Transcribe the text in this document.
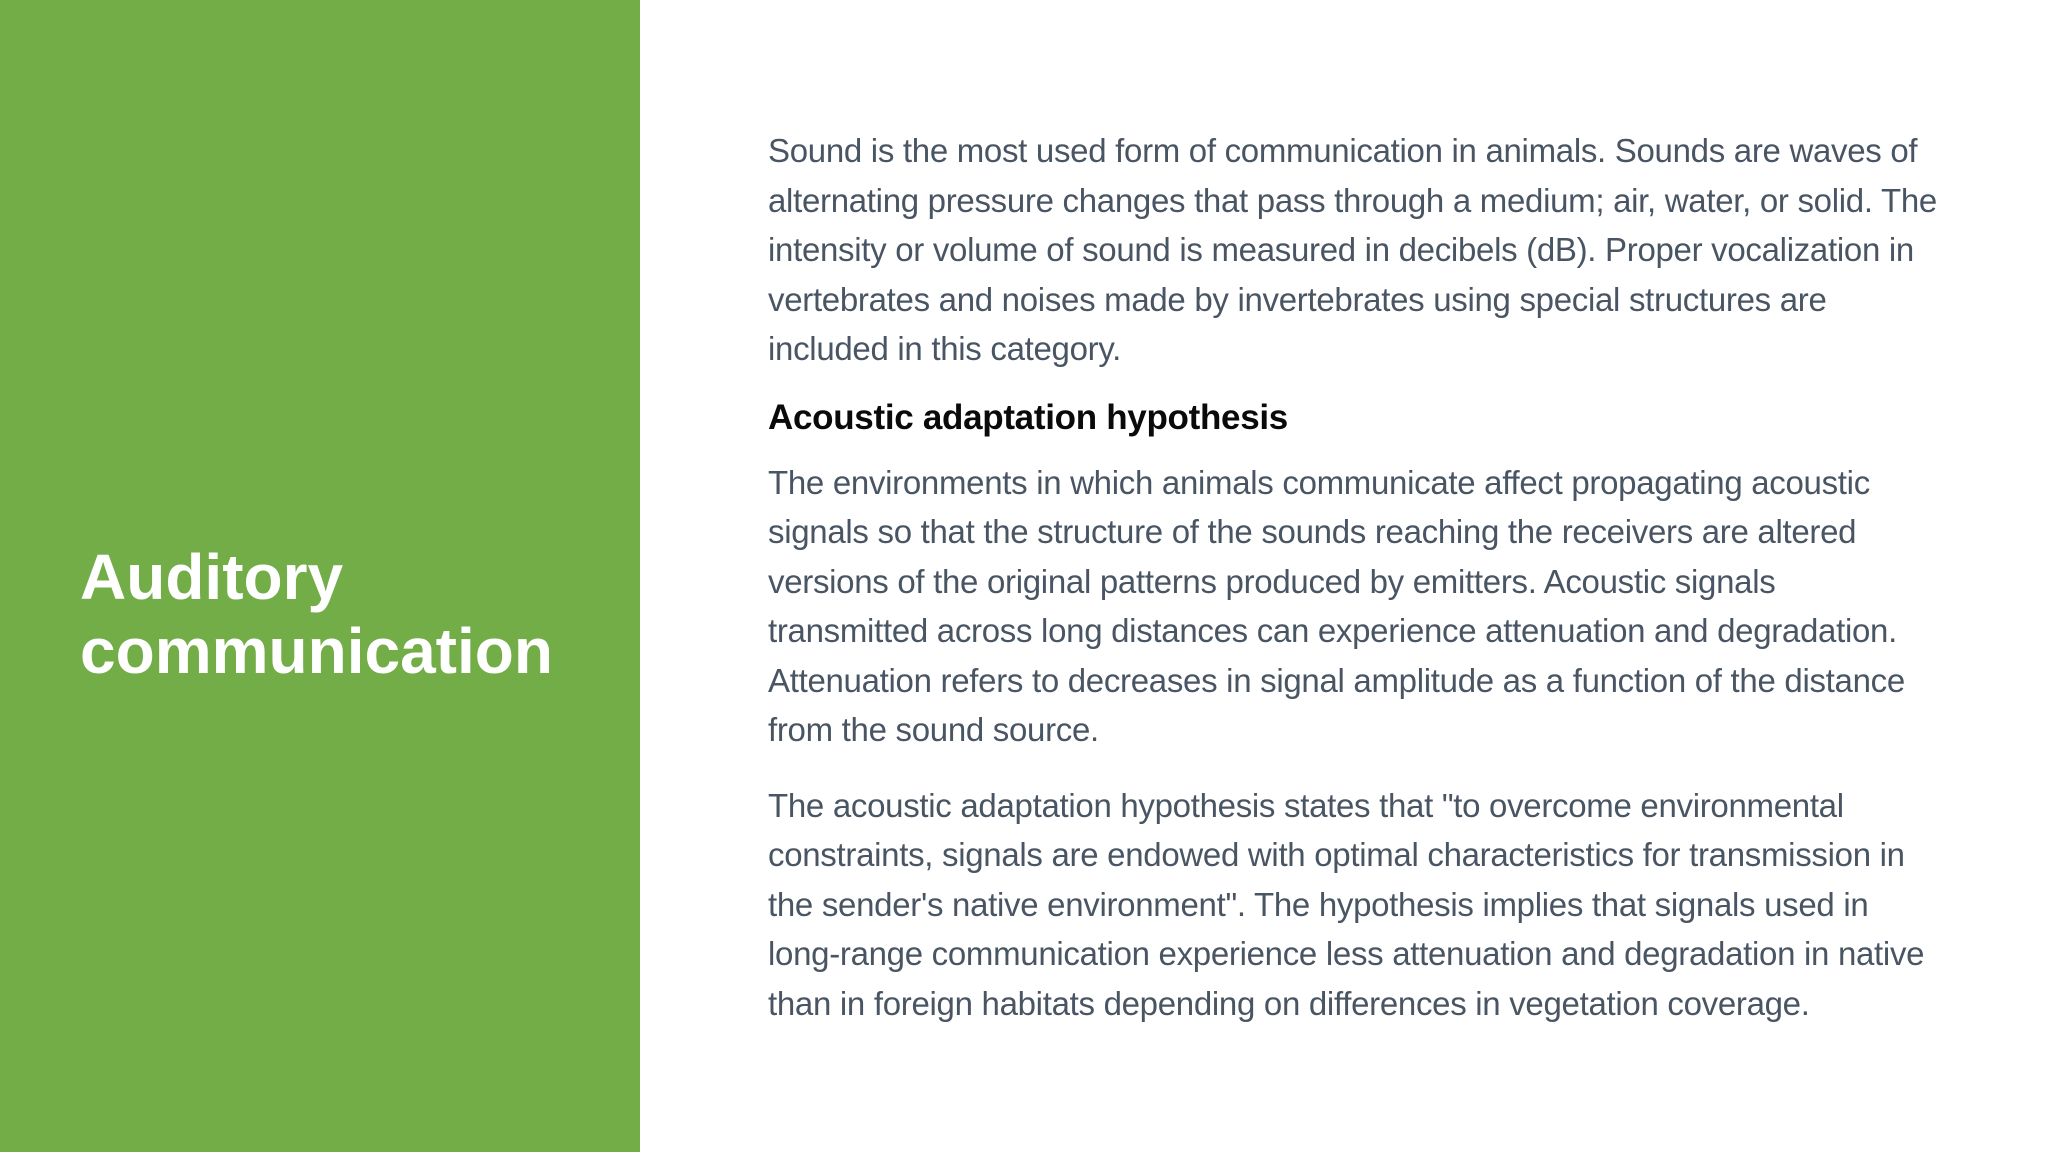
Auditory communication

Sound is the most used form of communication in animals. Sounds are waves of alternating pressure changes that pass through a medium; air, water, or solid. The intensity or volume of sound is measured in decibels (dB). Proper vocalization in vertebrates and noises made by invertebrates using special structures are included in this category.

Acoustic adaptation hypothesis

The environments in which animals communicate affect propagating acoustic signals so that the structure of the sounds reaching the receivers are altered versions of the original patterns produced by emitters. Acoustic signals transmitted across long distances can experience attenuation and degradation. Attenuation refers to decreases in signal amplitude as a function of the distance from the sound source.

The acoustic adaptation hypothesis states that "to overcome environmental constraints, signals are endowed with optimal characteristics for transmission in the sender's native environment". The hypothesis implies that signals used in long-range communication experience less attenuation and degradation in native than in foreign habitats depending on differences in vegetation coverage.
